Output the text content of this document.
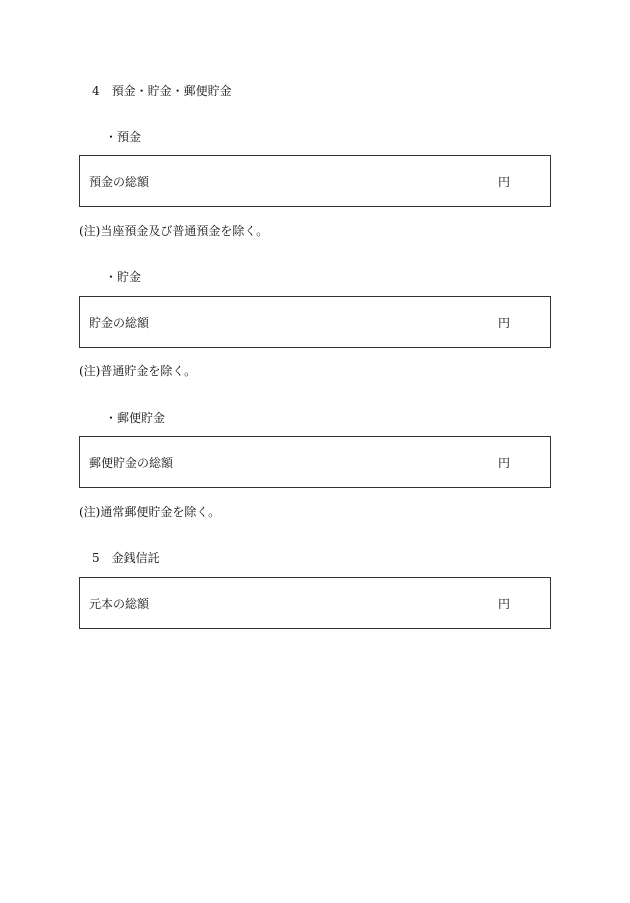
4　預金・貯金・郵便貯金
・預金
預金の総額	円
(注)当座預金及び普通預金を除く。
・貯金
貯金の総額	円
(注)普通貯金を除く。
・郵便貯金
郵便貯金の総額	円
(注)通常郵便貯金を除く。
5　金銭信託
元本の総額	円
